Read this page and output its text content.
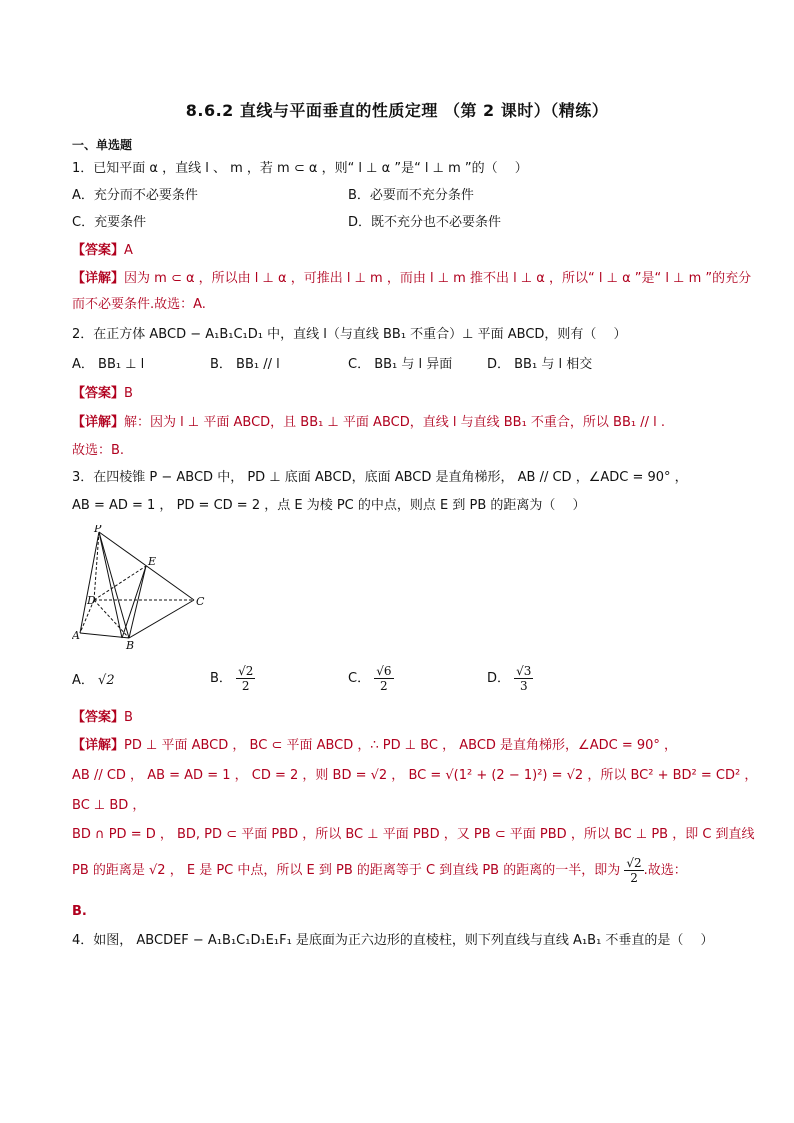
8.6.2 直线与平面垂直的性质定理 （第 2 课时）（精练）
一、单选题
1．已知平面 α ，直线 l 、 m ，若 m ⊂ α ，则“ l ⊥ α ”是“ l ⊥ m ”的（　 ）
A．充分而不必要条件	B．必要而不充分条件
C．充要条件	D．既不充分也不必要条件
【答案】A
【详解】因为 m ⊂ α ，所以由 l ⊥ α ，可推出 l ⊥ m ，而由 l ⊥ m 推不出 l ⊥ α ，所以“ l ⊥ α ”是“ l ⊥ m ”的充分
而不必要条件.故选：A.
2．在正方体 ABCD − A₁B₁C₁D₁ 中，直线 l（与直线 BB₁ 不重合）⊥ 平面 ABCD，则有（　 ）
A． BB₁ ⊥ l	B． BB₁ // l	C． BB₁ 与 l 异面	D． BB₁ 与 l 相交
【答案】B
【详解】解：因为 l ⊥ 平面 ABCD，且 BB₁ ⊥ 平面 ABCD，直线 l 与直线 BB₁ 不重合，所以 BB₁ // l .
故选：B.
3．在四棱锥 P − ABCD 中， PD ⊥ 底面 ABCD，底面 ABCD 是直角梯形， AB // CD ，∠ADC = 90° ，
AB = AD = 1 ， PD = CD = 2 ，点 E 为棱 PC 的中点，则点 E 到 PB 的距离为（　 ）
P
E
D	C
A
B
A． √2	B． $\frac{√2}{2}$	C． $\frac{√6}{2}$	D． $\frac{√3}{3}$
【答案】B
【详解】PD ⊥ 平面 ABCD ， BC ⊂ 平面 ABCD ，∴ PD ⊥ BC ， ABCD 是直角梯形，∠ADC = 90° ，
AB // CD ， AB = AD = 1 ， CD = 2 ，则 BD = √2 ， BC = √(1² + (2 − 1)²) = √2 ，所以 BC² + BD² = CD² ，
BC ⊥ BD ，
BD ∩ PD = D ， BD, PD ⊂ 平面 PBD ，所以 BC ⊥ 平面 PBD ，又 PB ⊂ 平面 PBD ，所以 BC ⊥ PB ，即 C 到直线
PB 的距离是 √2 ， E 是 PC 中点，所以 E 到 PB 的距离等于 C 到直线 PB 的距离的一半，即为 $\frac{√2}{2}$ .故选：
B.
4．如图， ABCDEF − A₁B₁C₁D₁E₁F₁ 是底面为正六边形的直棱柱，则下列直线与直线 A₁B₁ 不垂直的是（　 ）
